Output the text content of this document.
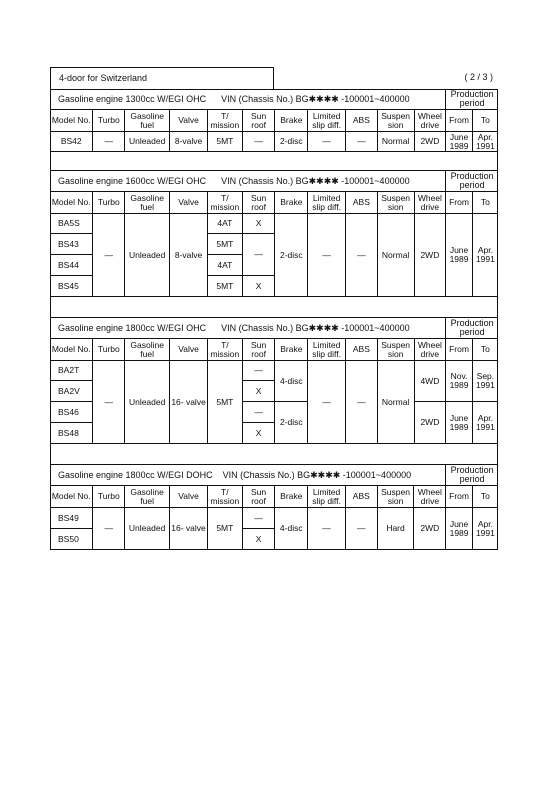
4-door for Switzerland	( 2 / 3 )
Gasoline engine 1300cc W/EGI OHC VIN (Chassis No.) BG✱✱✱✱ -100001~400000											Production period	
Model No.	Turbo	Gasoline fuel	Valve	T/ mission	Sun roof	Brake	Limited slip diff.	ABS	Suspen sion	Wheel drive	From	To
BS42	—	Unleaded	8-valve	5MT	—	2-disc	—	—	Normal	2WD	June 1989	Apr. 1991
Gasoline engine 1600cc W/EGI OHC VIN (Chassis No.) BG✱✱✱✱ -100001~400000											Production period	
Model No.	Turbo	Gasoline fuel	Valve	T/ mission	Sun roof	Brake	Limited slip diff.	ABS	Suspen sion	Wheel drive	From	To
BA5S	—	Unleaded	8-valve	4AT	X	2-disc	—	—	Normal	2WD	June 1989	Apr. 1991
BS43				5MT	—							
BS44				4AT								
BS45				5MT	X							
Gasoline engine 1800cc W/EGI OHC VIN (Chassis No.) BG✱✱✱✱ -100001~400000											Production period	
Model No.	Turbo	Gasoline fuel	Valve	T/ mission	Sun roof	Brake	Limited slip diff.	ABS	Suspen sion	Wheel drive	From	To
BA2T	—	Unleaded	16- valve	5MT	—	4-disc	—	—	Normal	4WD	Nov. 1989	Sep. 1991
BA2V					X							
BS46					—	2-disc				2WD	June 1989	Apr. 1991
BS48					X							
Gasoline engine 1800cc W/EGI DOHC VIN (Chassis No.) BG✱✱✱✱ -100001~400000											Production period	
Model No.	Turbo	Gasoline fuel	Valve	T/ mission	Sun roof	Brake	Limited slip diff.	ABS	Suspen sion	Wheel drive	From	To
BS49	—	Unleaded	16- valve	5MT	—	4-disc	—	—	Hard	2WD	June 1989	Apr. 1991
BS50					X							
